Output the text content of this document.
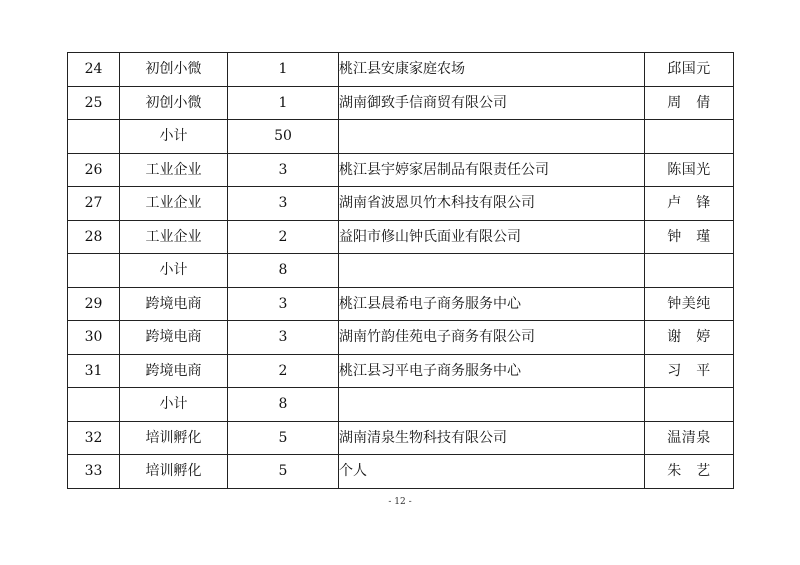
24	初创小微	1	桃江县安康家庭农场	邱国元
25	初创小微	1	湖南御致手信商贸有限公司	周　倩
	小计	50		
26	工业企业	3	桃江县宇婷家居制品有限责任公司	陈国光
27	工业企业	3	湖南省波恩贝竹木科技有限公司	卢　锋
28	工业企业	2	益阳市修山钟氏面业有限公司	钟　瑾
	小计	8		
29	跨境电商	3	桃江县晨希电子商务服务中心	钟美纯
30	跨境电商	3	湖南竹韵佳苑电子商务有限公司	谢　婷
31	跨境电商	2	桃江县习平电子商务服务中心	习　平
	小计	8		
32	培训孵化	5	湖南清泉生物科技有限公司	温清泉
33	培训孵化	5	个人	朱　艺
- 12 -
